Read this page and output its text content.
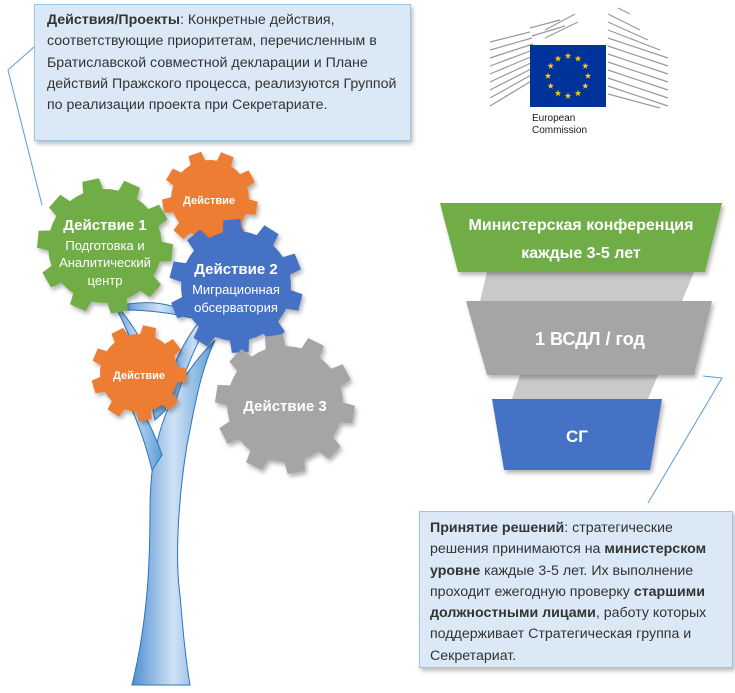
Действие 1
Подготовка и
Аналитический
центр
Действие
Действие 2
Миграционная
обсерватория
Действие
Действие 3
European
Commission
Министерская конференция
каждые 3-5 лет
1 ВСДЛ / год
СГ
Действия/Проекты: Конкретные действия, соответствующие приоритетам, перечисленным в Братиславской совместной декларации и Плане действий Пражского процесса, реализуются Группой по реализации проекта при Секретариате.
Принятие решений: стратегические решения принимаются на министерском уровне каждые 3-5 лет. Их выполнение проходит ежегодную проверку старшими должностными лицами, работу которых поддерживает Стратегическая группа и Секретариат.
